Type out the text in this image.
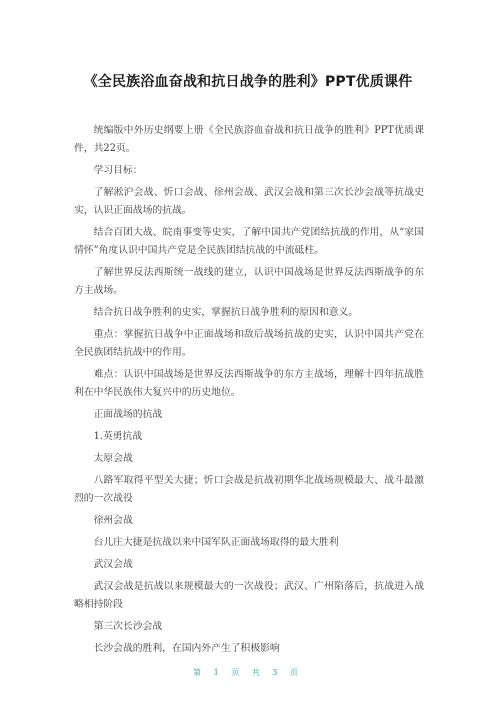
《全民族浴血奋战和抗日战争的胜利》PPT优质课件

统编版中外历史纲要上册《全民族浴血奋战和抗日战争的胜利》PPT优质课件，共22页。

学习目标：

了解淞沪会战、忻口会战、徐州会战、武汉会战和第三次长沙会战等抗战史实，认识正面战场的抗战。

结合百团大战、皖南事变等史实，了解中国共产党团结抗战的作用，从“家国情怀”角度认识中国共产党是全民族团结抗战的中流砥柱。

了解世界反法西斯统一战线的建立，认识中国战场是世界反法西斯战争的东方主战场。

结合抗日战争胜利的史实，掌握抗日战争胜利的原因和意义。

重点：掌握抗日战争中正面战场和敌后战场抗战的史实，认识中国共产党在全民族团结抗战中的作用。

难点：认识中国战场是世界反法西斯战争的东方主战场，理解十四年抗战胜利在中华民族伟大复兴中的历史地位。

正面战场的抗战

1.英勇抗战

太原会战

八路军取得平型关大捷；忻口会战是抗战初期华北战场规模最大、战斗最激烈的一次战役

徐州会战

台儿庄大捷是抗战以来中国军队正面战场取得的最大胜利

武汉会战

武汉会战是抗战以来规模最大的一次战役；武汉、广州陷落后，抗战进入战略相持阶段

第三次长沙会战

长沙会战的胜利，在国内外产生了积极影响

第 1 页 共 3 页
